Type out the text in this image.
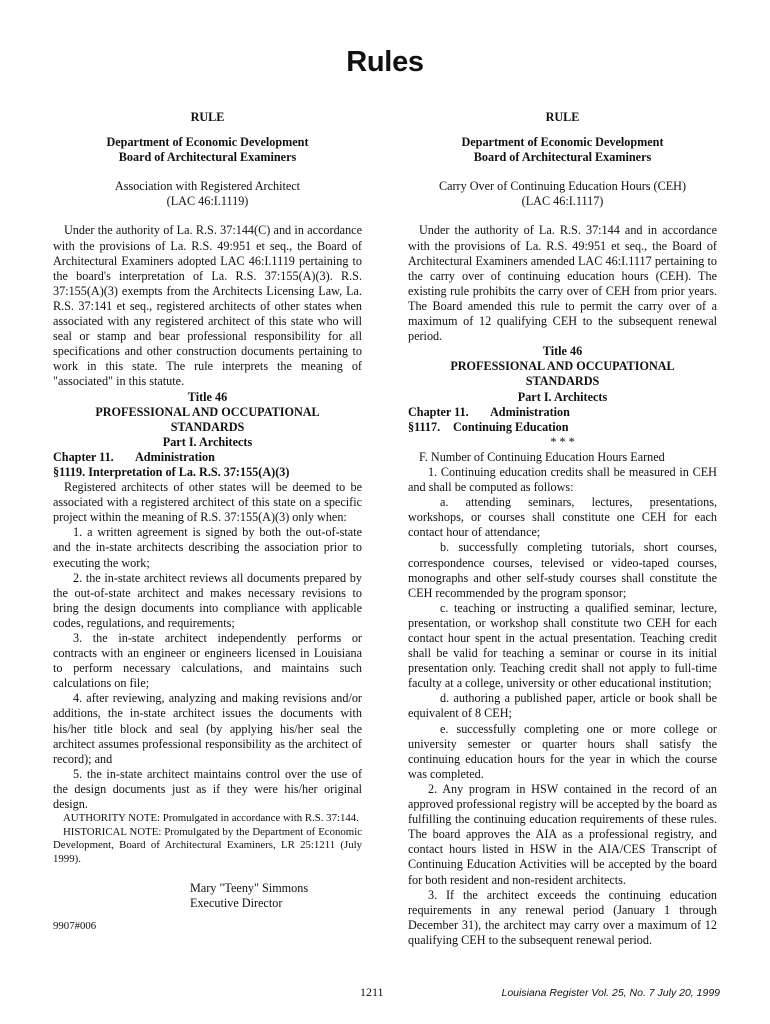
Rules
RULE
Department of Economic Development
Board of Architectural Examiners
Association with Registered Architect
(LAC 46:I.1119)

Under the authority of La. R.S. 37:144(C) and in accordance with the provisions of La. R.S. 49:951 et seq., the Board of Architectural Examiners adopted LAC 46:I.1119 pertaining to the board's interpretation of La. R.S. 37:155(A)(3). R.S. 37:155(A)(3) exempts from the Architects Licensing Law, La. R.S. 37:141 et seq., registered architects of other states when associated with any registered architect of this state who will seal or stamp and bear professional responsibility for all specifications and other construction documents pertaining to work in this state. The rule interprets the meaning of "associated" in this statute.

Title 46
PROFESSIONAL AND OCCUPATIONAL
STANDARDS
Part I. Architects
Chapter 11.	Administration
§1119. Interpretation of La. R.S. 37:155(A)(3)

Registered architects of other states will be deemed to be associated with a registered architect of this state on a specific project within the meaning of R.S. 37:155(A)(3) only when:

1. a written agreement is signed by both the out-of-state and the in-state architects describing the association prior to executing the work;

2. the in-state architect reviews all documents prepared by the out-of-state architect and makes necessary revisions to bring the design documents into compliance with applicable codes, regulations, and requirements;

3. the in-state architect independently performs or contracts with an engineer or engineers licensed in Louisiana to perform necessary calculations, and maintains such calculations on file;

4. after reviewing, analyzing and making revisions and/or additions, the in-state architect issues the documents with his/her title block and seal (by applying his/her seal the architect assumes professional responsibility as the architect of record); and

5. the in-state architect maintains control over the use of the design documents just as if they were his/her original design.

AUTHORITY NOTE: Promulgated in accordance with R.S. 37:144.

HISTORICAL NOTE: Promulgated by the Department of Economic Development, Board of Architectural Examiners, LR 25:1211 (July 1999).

Mary "Teeny" Simmons
Executive Director
9907#006
RULE
Department of Economic Development
Board of Architectural Examiners
Carry Over of Continuing Education Hours (CEH)
(LAC 46:I.1117)

Under the authority of La. R.S. 37:144 and in accordance with the provisions of La. R.S. 49:951 et seq., the Board of Architectural Examiners amended LAC 46:I.1117 pertaining to the carry over of continuing education hours (CEH). The existing rule prohibits the carry over of CEH from prior years. The Board amended this rule to permit the carry over of a maximum of 12 qualifying CEH to the subsequent renewal period.

Title 46
PROFESSIONAL AND OCCUPATIONAL
STANDARDS
Part I. Architects
Chapter 11.	Administration
§1117.	Continuing Education
* * *

F. Number of Continuing Education Hours Earned

1. Continuing education credits shall be measured in CEH and shall be computed as follows:

a. attending seminars, lectures, presentations, workshops, or courses shall constitute one CEH for each contact hour of attendance;

b. successfully completing tutorials, short courses, correspondence courses, televised or video-taped courses, monographs and other self-study courses shall constitute the CEH recommended by the program sponsor;

c. teaching or instructing a qualified seminar, lecture, presentation, or workshop shall constitute two CEH for each contact hour spent in the actual presentation. Teaching credit shall be valid for teaching a seminar or course in its initial presentation only. Teaching credit shall not apply to full-time faculty at a college, university or other educational institution;

d. authoring a published paper, article or book shall be equivalent of 8 CEH;

e. successfully completing one or more college or university semester or quarter hours shall satisfy the continuing education hours for the year in which the course was completed.

2. Any program in HSW contained in the record of an approved professional registry will be accepted by the board as fulfilling the continuing education requirements of these rules. The board approves the AIA as a professional registry, and contact hours listed in HSW in the AIA/CES Transcript of Continuing Education Activities will be accepted by the board for both resident and non-resident architects.

3. If the architect exceeds the continuing education requirements in any renewal period (January 1 through December 31), the architect may carry over a maximum of 12 qualifying CEH to the subsequent renewal period.

1211	Louisiana Register Vol. 25, No. 7 July 20, 1999
